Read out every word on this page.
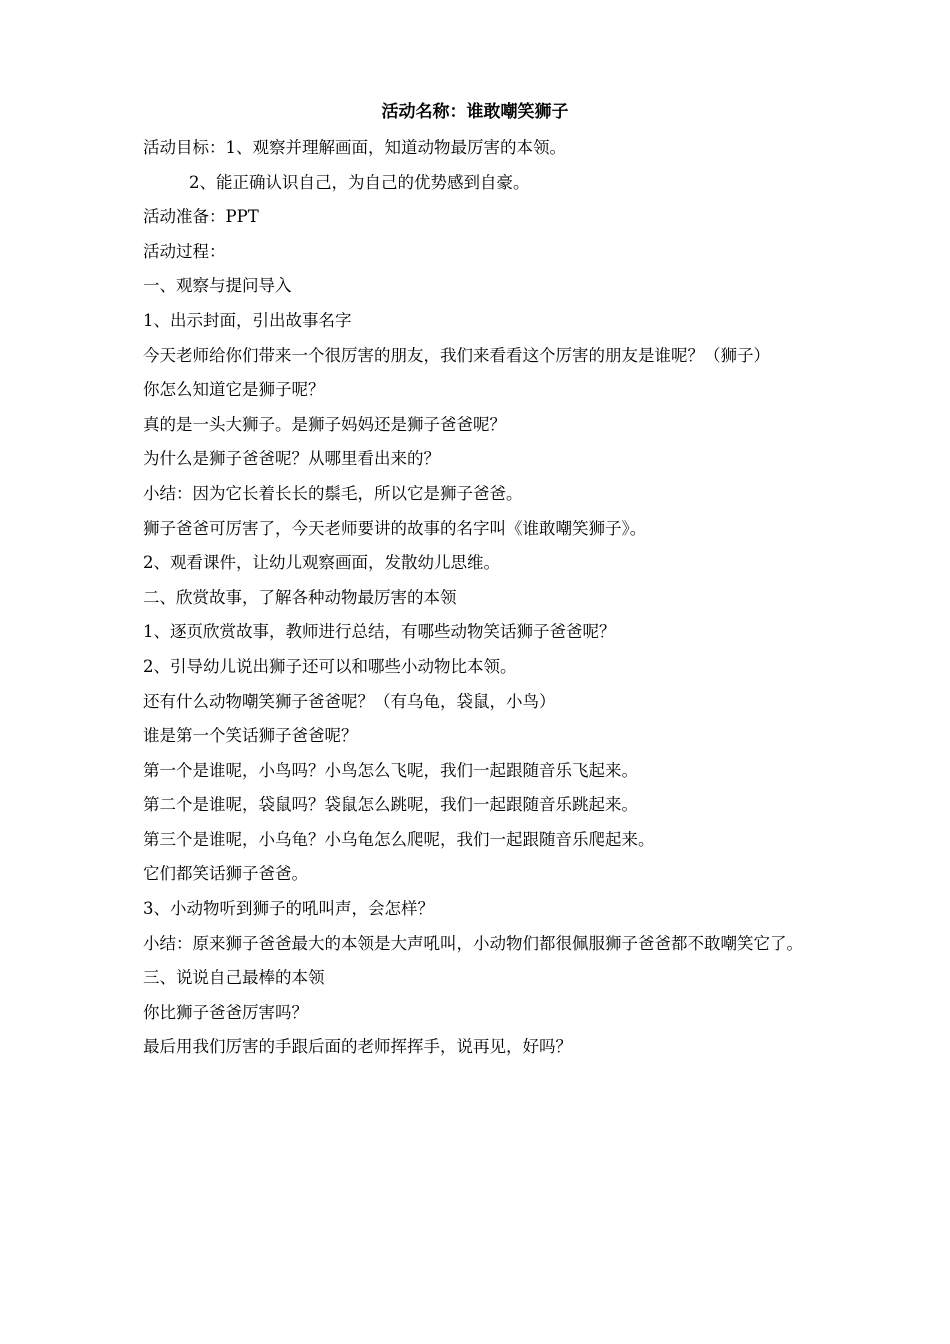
活动名称：谁敢嘲笑狮子
活动目标：1、观察并理解画面，知道动物最厉害的本领。
2、能正确认识自己，为自己的优势感到自豪。
活动准备：PPT
活动过程：
一、观察与提问导入
1、出示封面，引出故事名字
今天老师给你们带来一个很厉害的朋友，我们来看看这个厉害的朋友是谁呢？（狮子）
你怎么知道它是狮子呢？
真的是一头大狮子。是狮子妈妈还是狮子爸爸呢？
为什么是狮子爸爸呢？从哪里看出来的？
小结：因为它长着长长的鬃毛，所以它是狮子爸爸。
狮子爸爸可厉害了，今天老师要讲的故事的名字叫《谁敢嘲笑狮子》。
2、观看课件，让幼儿观察画面，发散幼儿思维。
二、欣赏故事，了解各种动物最厉害的本领
1、逐页欣赏故事，教师进行总结，有哪些动物笑话狮子爸爸呢？
2、引导幼儿说出狮子还可以和哪些小动物比本领。
还有什么动物嘲笑狮子爸爸呢？（有乌龟，袋鼠，小鸟）
谁是第一个笑话狮子爸爸呢？
第一个是谁呢，小鸟吗？小鸟怎么飞呢，我们一起跟随音乐飞起来。
第二个是谁呢，袋鼠吗？袋鼠怎么跳呢，我们一起跟随音乐跳起来。
第三个是谁呢，小乌龟？小乌龟怎么爬呢，我们一起跟随音乐爬起来。
它们都笑话狮子爸爸。
3、小动物听到狮子的吼叫声，会怎样？
小结：原来狮子爸爸最大的本领是大声吼叫，小动物们都很佩服狮子爸爸都不敢嘲笑它了。
三、说说自己最棒的本领
你比狮子爸爸厉害吗？
最后用我们厉害的手跟后面的老师挥挥手，说再见，好吗？
